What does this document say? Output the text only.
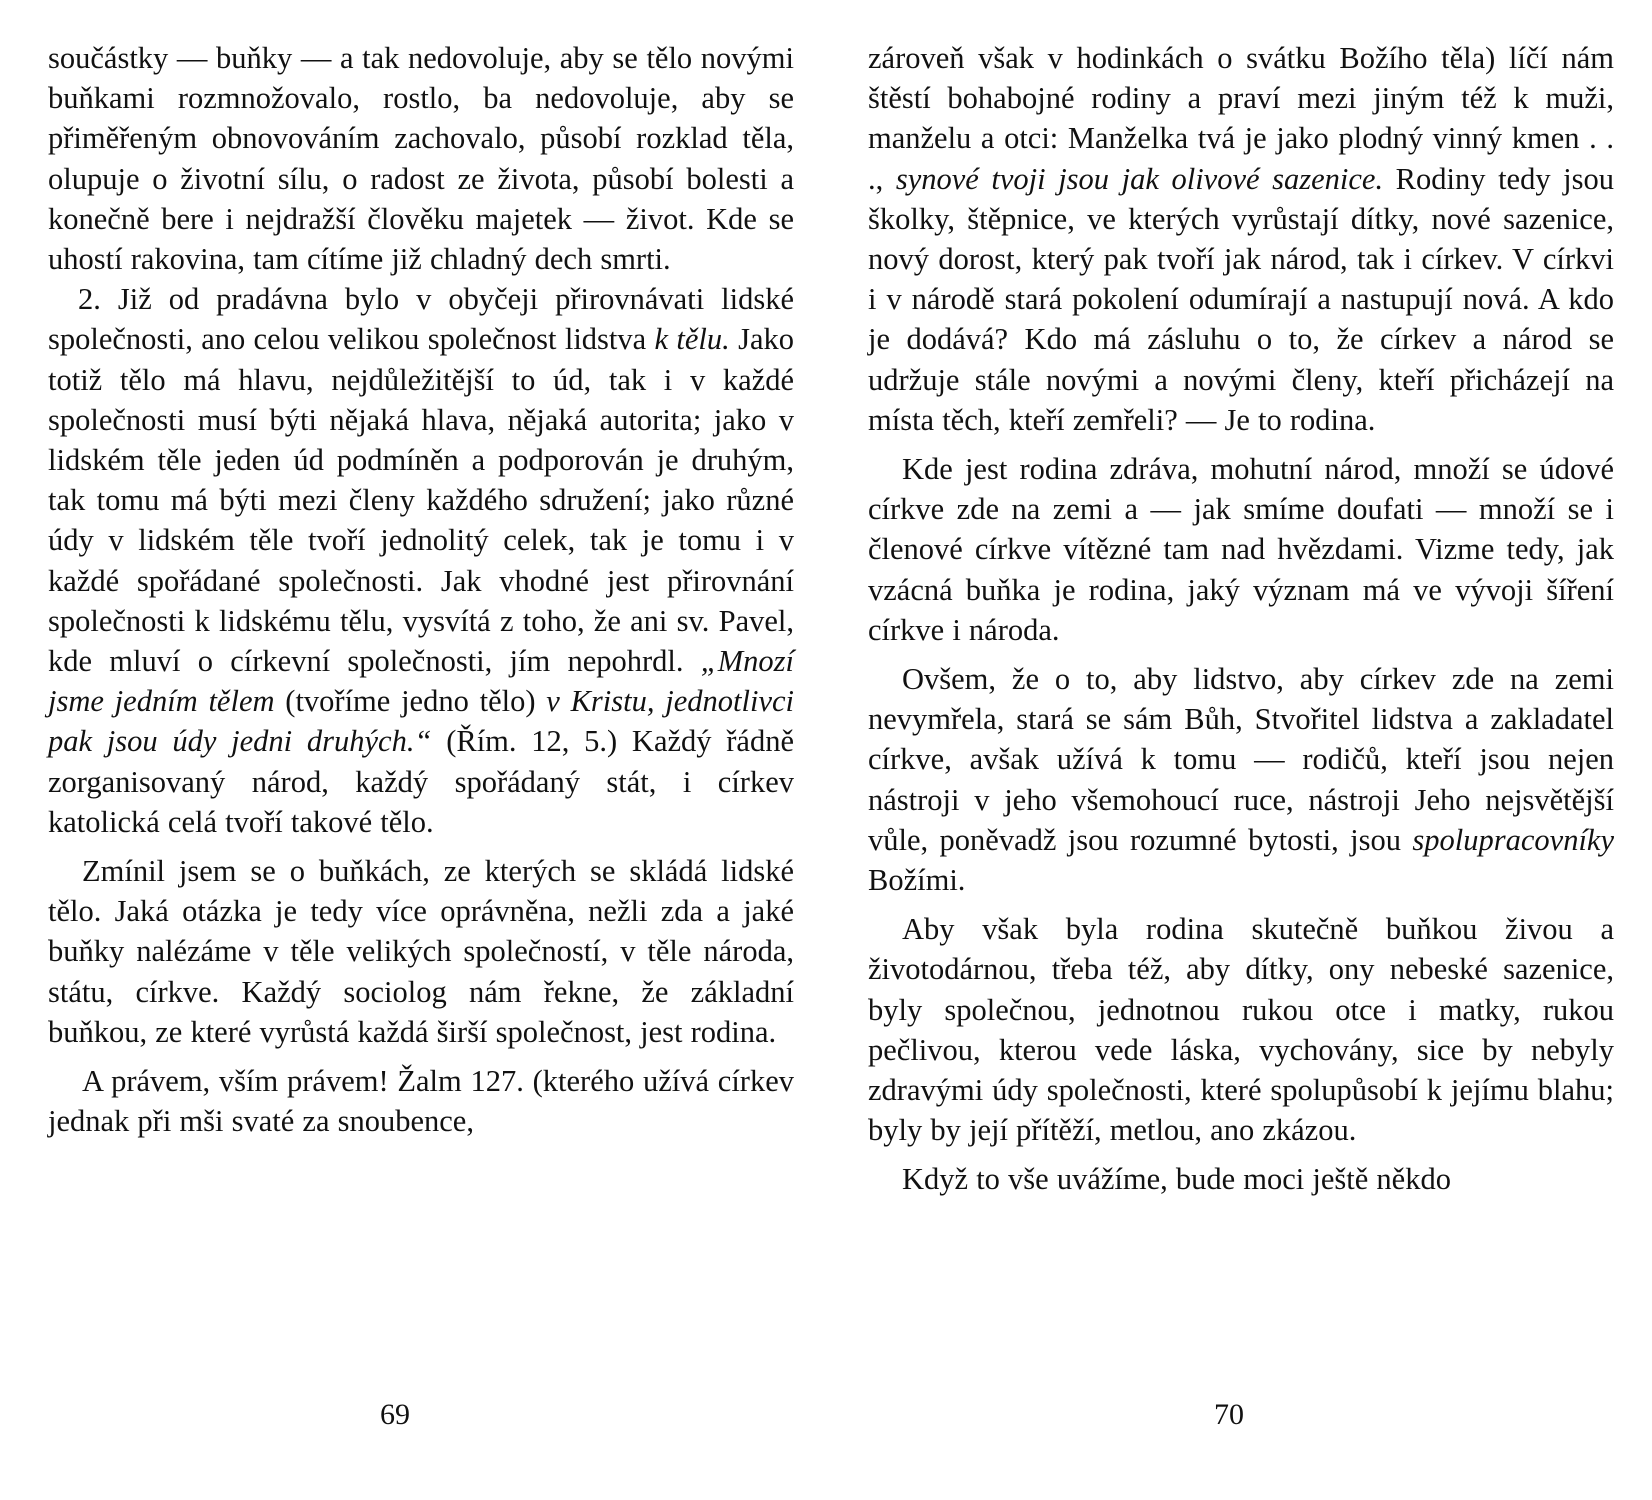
součástky — buňky — a tak nedovoluje, aby se tělo novými buňkami rozmnožovalo, rostlo, ba nedovoluje, aby se přiměřeným obnovováním zachovalo, působí rozklad těla, olupuje o životní sílu, o radost ze života, působí bolesti a konečně bere i nejdražší člověku majetek — život. Kde se uhostí rakovina, tam cítíme již chladný dech smrti.

2. Již od pradávna bylo v obyčeji přirovnávati lidské společnosti, ano celou velikou společnost lidstva k tělu. Jako totiž tělo má hlavu, nejdůležitější to úd, tak i v každé společnosti musí býti nějaká hlava, nějaká autorita; jako v lidském těle jeden úd podmíněn a podporován je druhým, tak tomu má býti mezi členy každého sdružení; jako různé údy v lidském těle tvoří jednolitý celek, tak je tomu i v každé spořádané společnosti. Jak vhodné jest přirovnání společnosti k lidskému tělu, vysvítá z toho, že ani sv. Pavel, kde mluví o církevní společnosti, jím nepohrdl. „Mnozí jsme jedním tělem (tvoříme jedno tělo) v Kristu, jednotlivci pak jsou údy jedni druhých.“ (Řím. 12, 5.) Každý řádně zorganisovaný národ, každý spořádaný stát, i církev katolická celá tvoří takové tělo.

Zmínil jsem se o buňkách, ze kterých se skládá lidské tělo. Jaká otázka je tedy více oprávněna, nežli zda a jaké buňky nalézáme v těle velikých společností, v těle národa, státu, církve. Každý sociolog nám řekne, že základní buňkou, ze které vyrůstá každá širší společnost, jest rodina.

A právem, vším právem! Žalm 127. (kterého užívá církev jednak při mši svaté za snoubence,

69

zároveň však v hodinkách o svátku Božího těla) líčí nám štěstí bohabojné rodiny a praví mezi jiným též k muži, manželu a otci: Manželka tvá je jako plodný vinný kmen . . ., synové tvoji jsou jak olivové sazenice. Rodiny tedy jsou školky, štěpnice, ve kterých vyrůstají dítky, nové sazenice, nový dorost, který pak tvoří jak národ, tak i církev. V církvi i v národě stará pokolení odumírají a nastupují nová. A kdo je dodává? Kdo má zásluhu o to, že církev a národ se udržuje stále novými a novými členy, kteří přicházejí na místa těch, kteří zemřeli? — Je to rodina.

Kde jest rodina zdráva, mohutní národ, množí se údové církve zde na zemi a — jak smíme doufati — množí se i členové církve vítězné tam nad hvězdami. Vizme tedy, jak vzácná buňka je rodina, jaký význam má ve vývoji šíření církve i národa.

Ovšem, že o to, aby lidstvo, aby církev zde na zemi nevymřela, stará se sám Bůh, Stvořitel lidstva a zakladatel církve, avšak užívá k tomu — rodičů, kteří jsou nejen nástroji v jeho všemohoucí ruce, nástroji Jeho nejsvětější vůle, poněvadž jsou rozumné bytosti, jsou spolupracovníky Božími.

Aby však byla rodina skutečně buňkou živou a životodárnou, třeba též, aby dítky, ony nebeské sazenice, byly společnou, jednotnou rukou otce i matky, rukou pečlivou, kterou vede láska, vychovány, sice by nebyly zdravými údy společnosti, které spolupůsobí k jejímu blahu; byly by její přítěží, metlou, ano zkázou.

Když to vše uvážíme, bude moci ještě někdo

70
